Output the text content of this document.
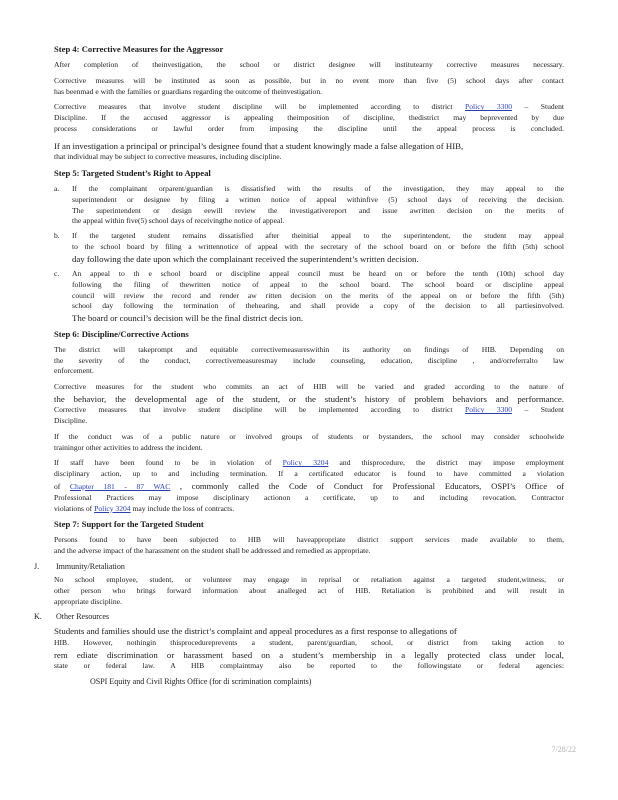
Step 4: Corrective Measures for the Aggressor
After completion of theinvestigation, the school or district designee will institutearny corrective measures necessary.
Corrective measures will be instituted as soon as possible, but in no event more than five (5) school days after contact
has beenmad e with the families or guardians regarding the outcome of theinvestigation.
Corrective measures that involve student discipline will be implemented according to district Policy 3300 – Student
Discipline. If the accused aggressor is appealing theimposition of discipline, thedistrict may beprevented by due
process considerations or lawful order from imposing the discipline until the appeal process is concluded.
If an investigation a principal or principal’s designee found that a student knowingly made a false allegation of HIB,
that individual may be subject to corrective measures, including discipline.
Step 5: Targeted Student’s Right to Appeal
a. If the complainant orparent/guardian is dissatisfied with the results of the investigation, they may appeal to the
superintendent or designee by filing a written notice of appeal withinfive (5) school days of receiving the decision.
The superintendent or design eewill review the investigativereport and issue awritten decision on the merits of
the appeal within five(5) school days of receivingthe notice of appeal.
b. If the targeted student remains dissatisfied after theinitial appeal to the superintendent, the student may appeal
to the school board by filing a writtennotice of appeal with the secretary of the school board on or before the fifth (5th) school
day following the date upon which the complainant received the superintendent’s written decision.
c. An appeal to th e school board or discipline appeal council must be heard on or before the tenth (10th) school day
following the filing of thewritten notice of appeal to the school board. The school board or discipline appeal
council will review the record and render aw ritten decision on the merits of the appeal on or before the fifth (5th)
school day following the termination of thehearing, and shall provide a copy of the decision to all partiesinvolved.
The board or council’s decision will be the final district decis ion.
Step 6: Discipline/Corrective Actions
The district will takeprompt and equitable correctivemeasureswithin its authority on findings of HIB. Depending on
the severity of the conduct, correctivemeasuresmay include counseling, education, discipline , and/orreferralto law
enforcement.
Corrective measures for the student who commits an act of HIB will be varied and graded according to the nature of
the behavior, the developmental age of the student, or the student’s history of problem behaviors and performance.
Corrective measures that involve student discipline will be implemented according to district Policy 3300 – Student
Discipline.
If the conduct was of a public nature or involved groups of students or bystanders, the school may consider schoolwide
trainingor other activities to address the incident.
If staff have been found to be in violation of Policy 3204 and thisprocedure, the district may impose employment
disciplinary action, up to and including termination. If a certificated educator is found to have committed a violation
of Chapter 181 - 87 WAC , commonly called the Code of Conduct for Professional Educators, OSPI’s Office of
Professional Practices may impose disciplinary actionon a certificate, up to and including revocation. Contractor
violations of Policy 3204 may include the loss of contracts.
Step 7: Support for the Targeted Student
Persons found to have been subjected to HIB will haveappropriate district support services made available to them,
and the adverse impact of the harassment on the student shall be addressed and remedied as appropriate.
J. Immunity/Retaliation
No school employee, student, or volunteer may engage in reprisal or retaliation against a targeted student,witness, or
other person who brings forward information about analleged act of HIB. Retaliation is prohibited and will result in
appropriate discipline.
K. Other Resources
Students and families should use the district’s complaint and appeal procedures as a first response to allegations of
HIB. However, nothingin thisprocedureprevents a student, parent/guardian, school, or district from taking action to
rem ediate discrimination or harassment based on a student’s membership in a legally protected class under local,
state or federal law. A HIB complaintmay also be reported to the followingstate or federal agencies:
OSPI Equity and Civil Rights Office (for di scrimination complaints)
7/28/22
